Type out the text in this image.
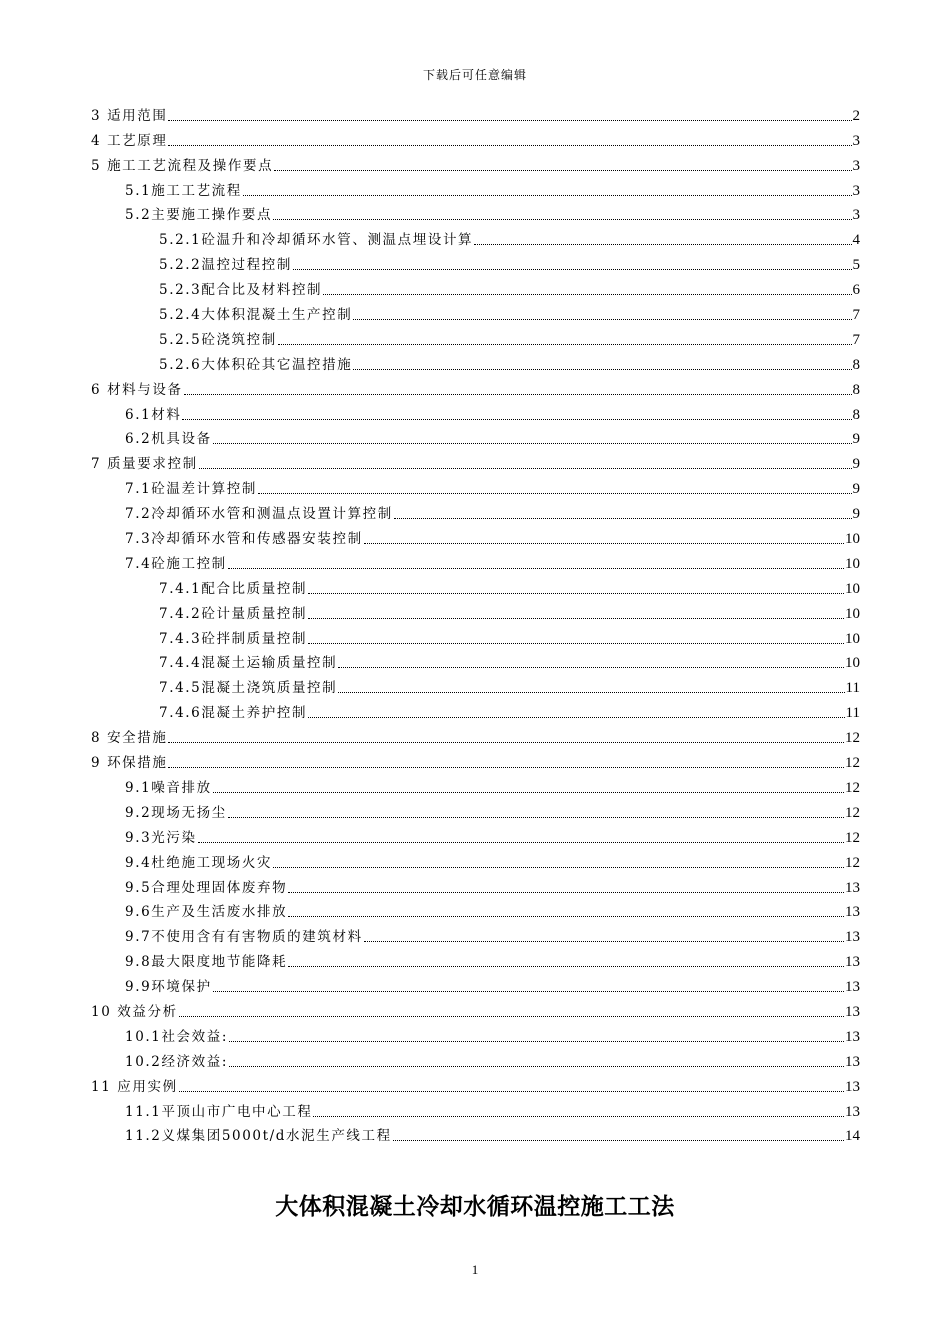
下载后可任意编辑
3 适用范围	2
4 工艺原理	3
5 施工工艺流程及操作要点	3
5.1施工工艺流程	3
5.2主要施工操作要点	3
5.2.1砼温升和冷却循环水管、测温点埋设计算	4
5.2.2温控过程控制	5
5.2.3配合比及材料控制	6
5.2.4大体积混凝土生产控制	7
5.2.5砼浇筑控制	7
5.2.6大体积砼其它温控措施	8
6 材料与设备	8
6.1材料	8
6.2机具设备	9
7 质量要求控制	9
7.1砼温差计算控制	9
7.2冷却循环水管和测温点设置计算控制	9
7.3冷却循环水管和传感器安装控制	10
7.4砼施工控制	10
7.4.1配合比质量控制	10
7.4.2砼计量质量控制	10
7.4.3砼拌制质量控制	10
7.4.4混凝土运输质量控制	10
7.4.5混凝土浇筑质量控制	11
7.4.6混凝土养护控制	11
8 安全措施	12
9 环保措施	12
9.1噪音排放	12
9.2现场无扬尘	12
9.3光污染	12
9.4杜绝施工现场火灾	12
9.5合理处理固体废弃物	13
9.6生产及生活废水排放	13
9.7不使用含有有害物质的建筑材料	13
9.8最大限度地节能降耗	13
9.9环境保护	13
10 效益分析	13
10.1社会效益:	13
10.2经济效益:	13
11 应用实例	13
11.1平顶山市广电中心工程	13
11.2义煤集团5000t/d水泥生产线工程	14
大体积混凝土冷却水循环温控施工工法
1
